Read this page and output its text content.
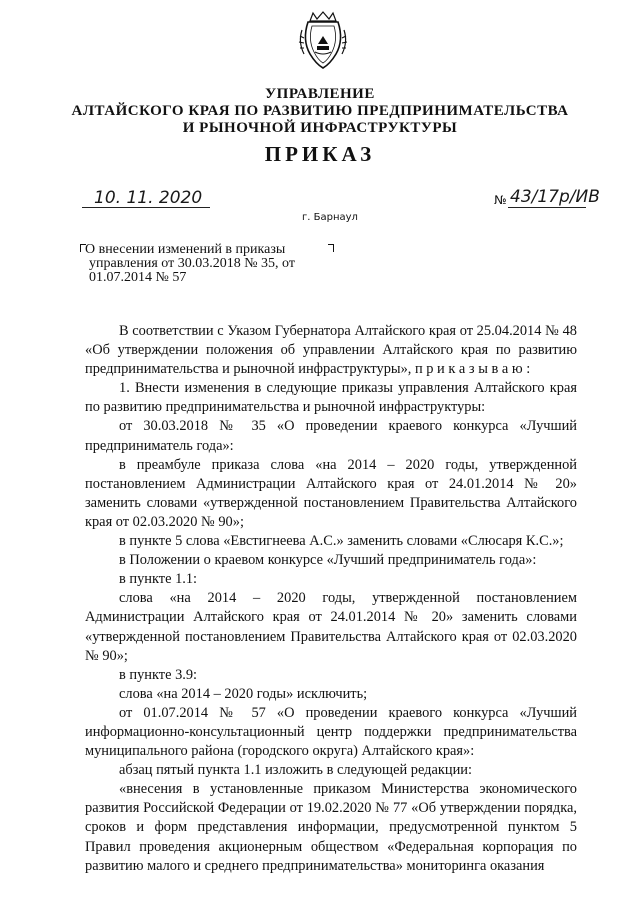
УПРАВЛЕНИЕ
АЛТАЙСКОГО КРАЯ ПО РАЗВИТИЮ ПРЕДПРИНИМАТЕЛЬСТВА
И РЫНОЧНОЙ ИНФРАСТРУКТУРЫ
ПРИКАЗ
10. 11. 2020	№ 43/17р/ИВ
г. Барнаул
О внесении изменений в приказы
управления от 30.03.2018 № 35, от
01.07.2014 № 57

В соответствии с Указом Губернатора Алтайского края от 25.04.2014 № 48 «Об утверждении положения об управлении Алтайского края по развитию предпринимательства и рыночной инфраструктуры», п р и к а з ы в а ю :

1. Внести изменения в следующие приказы управления Алтайского края по развитию предпринимательства и рыночной инфраструктуры:

от 30.03.2018 № 35 «О проведении краевого конкурса «Лучший предприниматель года»:

в преамбуле приказа слова «на 2014 – 2020 годы, утвержденной постановлением Администрации Алтайского края от 24.01.2014 № 20» заменить словами «утвержденной постановлением Правительства Алтайского края от 02.03.2020 № 90»;

в пункте 5 слова «Евстигнеева А.С.» заменить словами «Слюсаря К.С.»;

в Положении о краевом конкурсе «Лучший предприниматель года»:

в пункте 1.1:

слова «на 2014 – 2020 годы, утвержденной постановлением Администрации Алтайского края от 24.01.2014 № 20» заменить словами «утвержденной постановлением Правительства Алтайского края от 02.03.2020 № 90»;

в пункте 3.9:

слова «на 2014 – 2020 годы» исключить;

от 01.07.2014 № 57 «О проведении краевого конкурса «Лучший информационно-консультационный центр поддержки предпринимательства муниципального района (городского округа) Алтайского края»:

абзац пятый пункта 1.1 изложить в следующей редакции:

«внесения в установленные приказом Министерства экономического развития Российской Федерации от 19.02.2020 № 77 «Об утверждении порядка, сроков и форм представления информации, предусмотренной пунктом 5 Правил проведения акционерным обществом «Федеральная корпорация по развитию малого и среднего предпринимательства» мониторинга оказания
